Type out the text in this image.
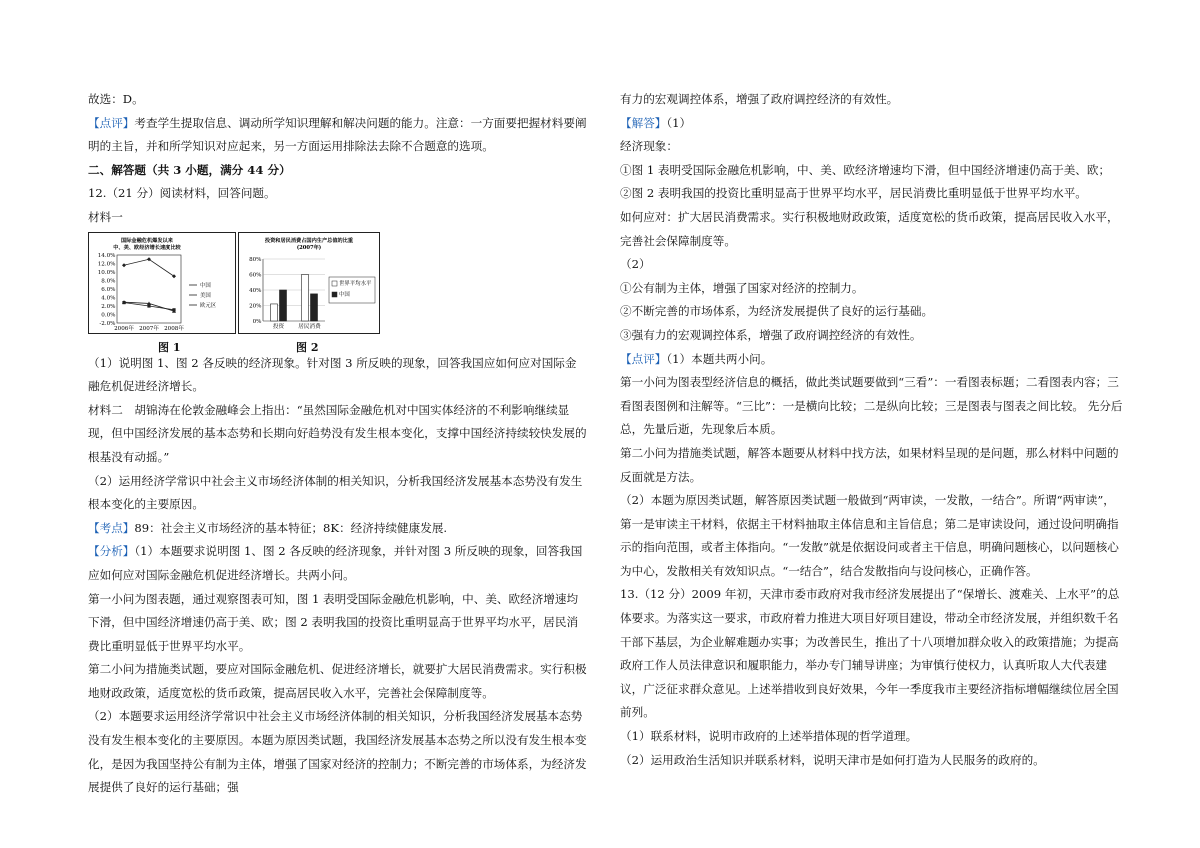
故选：D。

【点评】考查学生提取信息、调动所学知识理解和解决问题的能力。注意：一方面要把握材料要阐明的主旨，并和所学知识对应起来，另一方面运用排除法去除不合题意的选项。

二、解答题（共 3 小题，满分 44 分）

12.（21 分）阅读材料，回答问题。

材料一

国际金融危机爆发以来
中、美、欧经济增长速度比较
14.0%
12.0%
10.0%
8.0%
6.0%
4.0%
2.0%
0.0%
-2.0%
2006年 2007年 2008年
中国
美国
欧元区
投资和居民消费占国内生产总值的比重
(2007年)
80%
60%
40%
20%
0%
投资	居民消费
世界平均水平
中国
图 1	图 2

（1）说明图 1、图 2 各反映的经济现象。针对图 3 所反映的现象，回答我国应如何应对国际金融危机促进经济增长。

材料二　胡锦涛在伦敦金融峰会上指出：“虽然国际金融危机对中国实体经济的不利影响继续显现，但中国经济发展的基本态势和长期向好趋势没有发生根本变化，支撑中国经济持续较快发展的根基没有动摇。”

（2）运用经济学常识中社会主义市场经济体制的相关知识，分析我国经济发展基本态势没有发生根本变化的主要原因。

【考点】89：社会主义市场经济的基本特征；8K：经济持续健康发展.

【分析】（1）本题要求说明图 1、图 2 各反映的经济现象，并针对图 3 所反映的现象，回答我国应如何应对国际金融危机促进经济增长。共两小问。

第一小问为图表题，通过观察图表可知，图 1 表明受国际金融危机影响，中、美、欧经济增速均下滑，但中国经济增速仍高于美、欧；图 2 表明我国的投资比重明显高于世界平均水平，居民消费比重明显低于世界平均水平。

第二小问为措施类试题，要应对国际金融危机、促进经济增长，就要扩大居民消费需求。实行积极地财政政策，适度宽松的货币政策，提高居民收入水平，完善社会保障制度等。

（2）本题要求运用经济学常识中社会主义市场经济体制的相关知识，分析我国经济发展基本态势没有发生根本变化的主要原因。本题为原因类试题，我国经济发展基本态势之所以没有发生根本变化，是因为我国坚持公有制为主体，增强了国家对经济的控制力；不断完善的市场体系，为经济发展提供了良好的运行基础；强

有力的宏观调控体系，增强了政府调控经济的有效性。

【解答】（1）

经济现象：

①图 1 表明受国际金融危机影响，中、美、欧经济增速均下滑，但中国经济增速仍高于美、欧；

②图 2 表明我国的投资比重明显高于世界平均水平，居民消费比重明显低于世界平均水平。

如何应对：扩大居民消费需求。实行积极地财政政策，适度宽松的货币政策，提高居民收入水平，完善社会保障制度等。

（2）

①公有制为主体，增强了国家对经济的控制力。

②不断完善的市场体系，为经济发展提供了良好的运行基础。

③强有力的宏观调控体系，增强了政府调控经济的有效性。

【点评】（1）本题共两小问。

第一小问为图表型经济信息的概括，做此类试题要做到“三看”：一看图表标题；二看图表内容；三看图表图例和注解等。“三比”：一是横向比较；二是纵向比较；三是图表与图表之间比较。 先分后总，先量后逝，先现象后本质。

第二小问为措施类试题，解答本题要从材料中找方法，如果材料呈现的是问题，那么材料中问题的反面就是方法。

（2）本题为原因类试题，解答原因类试题一般做到“两审读，一发散，一结合”。所谓“两审读”，第一是审读主干材料，依据主干材料抽取主体信息和主旨信息；第二是审读设问，通过设问明确指示的指向范围，或者主体指向。“一发散”就是依据设问或者主干信息，明确问题核心，以问题核心为中心，发散相关有效知识点。“一结合”，结合发散指向与设问核心，正确作答。

13.（12 分）2009 年初，天津市委市政府对我市经济发展提出了“保增长、渡难关、上水平”的总体要求。为落实这一要求，市政府着力推进大项目好项目建设，带动全市经济发展，并组织数千名干部下基层，为企业解难题办实事；为改善民生，推出了十八项增加群众收入的政策措施；为提高政府工作人员法律意识和履职能力，举办专门辅导讲座；为审慎行使权力，认真听取人大代表建议，广泛征求群众意见。上述举措收到良好效果，今年一季度我市主要经济指标增幅继续位居全国前列。

（1）联系材料，说明市政府的上述举措体现的哲学道理。

（2）运用政治生活知识并联系材料，说明天津市是如何打造为人民服务的政府的。
